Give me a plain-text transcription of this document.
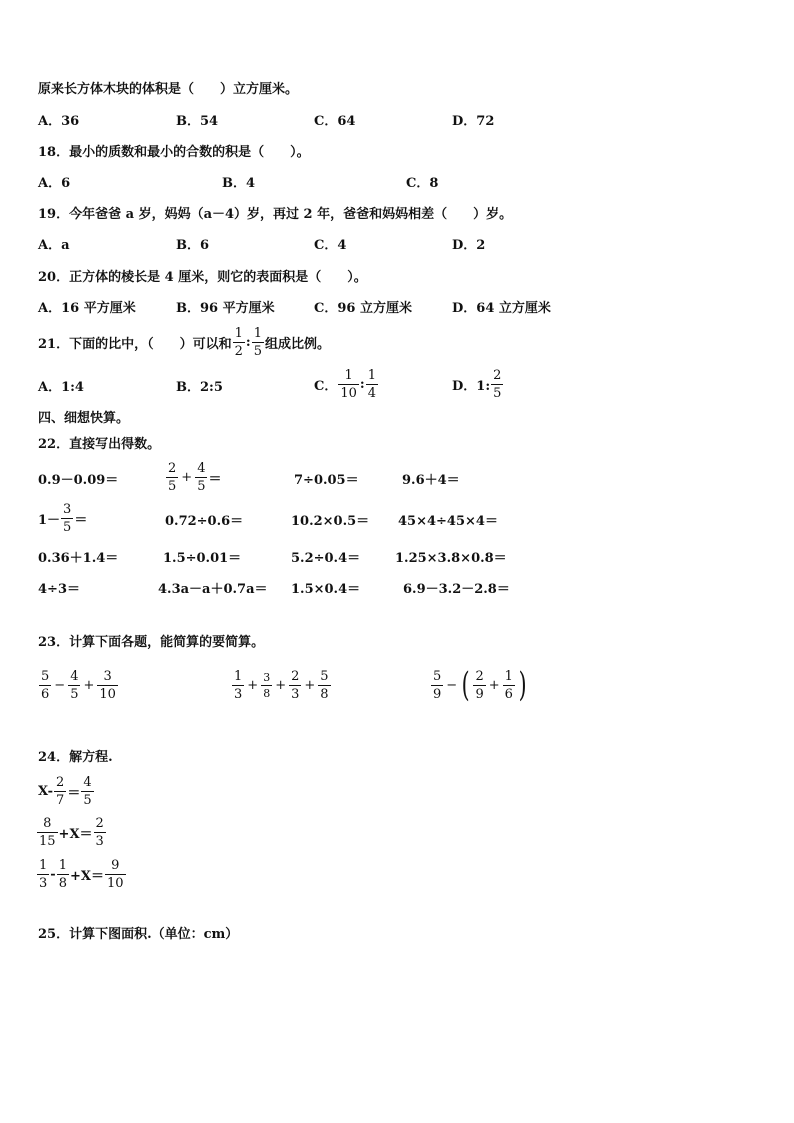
原来长方体木块的体积是（　　）立方厘米。
A．36	B．54	C．64	D．72
18．最小的质数和最小的合数的积是（　　）。
A．6	B．4	C．8
19．今年爸爸 a 岁，妈妈（a－4）岁，再过 2 年，爸爸和妈妈相差（　　）岁。
A．a	B．6	C．4	D．2
20．正方体的棱长是 4 厘米，则它的表面积是（　　）。
A．16 平方厘米	B．96 平方厘米	C．96 立方厘米	D．64 立方厘米
21．下面的比中，（　　）可以和 $\frac{1}{2}$ : $\frac{1}{5}$ 组成比例。
A．1:4	B．2:5	C． $\frac{1}{10}$ : $\frac{1}{4}$	D．1: $\frac{2}{5}$
四、细想快算。
22．直接写出得数。
0.9－0.09＝	$\frac{2}{5} + \frac{4}{5}$ ＝	7÷0.05＝	9.6＋4＝
$1- \frac{3}{5}$ ＝	0.72÷0.6＝	10.2×0.5＝ 45×4÷45×4＝
0.36＋1.4＝	1.5÷0.01＝	5.2÷0.4＝	1.25×3.8×0.8＝
4÷3＝	4.3a－a＋0.7a＝ 1.5×0.4＝	6.9－3.2－2.8＝
23．计算下面各题，能简算的要简算。
$\frac{5}{6} - \frac{4}{5} + \frac{3}{10}$	$\frac{1}{3} + \frac{3}{8} + \frac{2}{3} + \frac{5}{8}$	$\frac{5}{9}$ − ( $\frac{2}{9} + \frac{1}{6}$ )
24．解方程.
$X- \frac{2}{7} = \frac{4}{5}$
$\frac{8}{15} +X= \frac{2}{3}$
$\frac{1}{3} - \frac{1}{8} +X= \frac{9}{10}$
25．计算下图面积.（单位：cm）
